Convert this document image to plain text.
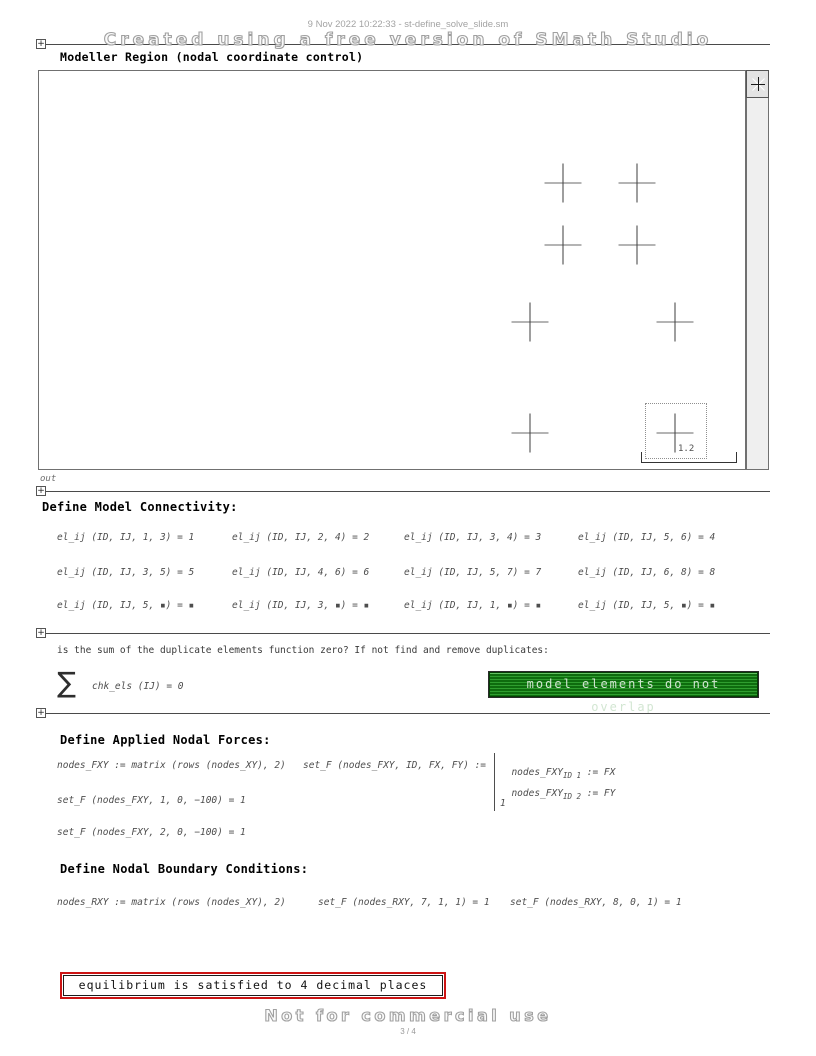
9 Nov 2022 10:22:33 - st-define_solve_slide.sm
Created using a free version of SMath Studio
+
Modeller Region (nodal coordinate control)
1.2
out
+
Define Model Connectivity:
el_ij (ID, IJ, 1, 3) = 1	el_ij (ID, IJ, 2, 4) = 2	el_ij (ID, IJ, 3, 4) = 3	el_ij (ID, IJ, 5, 6) = 4
el_ij (ID, IJ, 3, 5) = 5	el_ij (ID, IJ, 4, 6) = 6	el_ij (ID, IJ, 5, 7) = 7	el_ij (ID, IJ, 6, 8) = 8
el_ij (ID, IJ, 5, ▪) = ▪	el_ij (ID, IJ, 3, ▪) = ▪	el_ij (ID, IJ, 1, ▪) = ▪	el_ij (ID, IJ, 5, ▪) = ▪
+
is the sum of the duplicate elements function zero? If not find and remove duplicates:
∑ chk_els (IJ) = 0	model elements do not overlap
+
Define Applied Nodal Forces:
nodes_FXY := matrix (rows (nodes_XY), 2) set_F (nodes_FXY, ID, FX, FY) :=

$nodes\_FXY_{ID 1}$ := FX

$nodes\_FXY_{ID 2}$ := FY

1
set_F (nodes_FXY, 1, 0, −100) = 1
set_F (nodes_FXY, 2, 0, −100) = 1
Define Nodal Boundary Conditions:
nodes_RXY := matrix (rows (nodes_XY), 2)	set_F (nodes_RXY, 7, 1, 1) = 1 set_F (nodes_RXY, 8, 0, 1) = 1
equilibrium is satisfied to 4 decimal places
Not for commercial use
3 / 4
